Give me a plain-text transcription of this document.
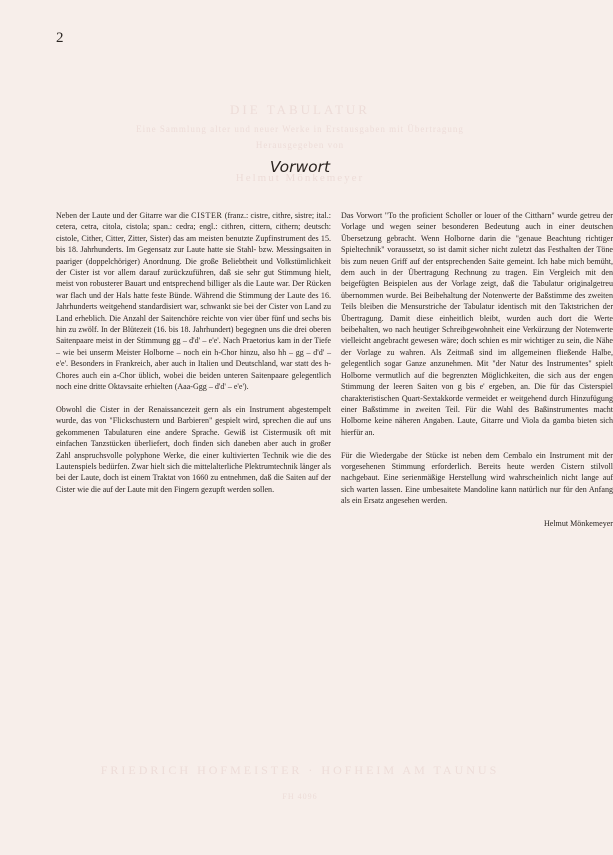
2
DIE TABULATUR
Eine Sammlung alter und neuer Werke in Erstausgaben mit Übertragung
Herausgegeben von
Helmut Mönkemeyer
FRIEDRICH HOFMEISTER · HOFHEIM AM TAUNUS
FH 4096
Vorwort

Neben der Laute und der Gitarre war die CISTER (franz.: cistre, cithre, sistre; ital.: cetera, cetra, citola, cistola; span.: cedra; engl.: cithren, cittern, cithern; deutsch: cistole, Cither, Citter, Zitter, Sister) das am meisten benutzte Zupfinstrument des 15. bis 18. Jahrhunderts. Im Gegensatz zur Laute hatte sie Stahl- bzw. Messingsaiten in paariger (doppelchöriger) Anordnung. Die große Beliebtheit und Volkstümlichkeit der Cister ist vor allem darauf zurückzuführen, daß sie sehr gut Stimmung hielt, meist von robusterer Bauart und entsprechend billiger als die Laute war. Der Rücken war flach und der Hals hatte feste Bünde. Während die Stimmung der Laute des 16. Jahrhunderts weitgehend standardisiert war, schwankt sie bei der Cister von Land zu Land erheblich. Die Anzahl der Saitenchöre reichte von vier über fünf und sechs bis hin zu zwölf. In der Blütezeit (16. bis 18. Jahrhundert) begegnen uns die drei oberen Saitenpaare meist in der Stimmung gg – d'd' – e'e'. Nach Praetorius kam in der Tiefe – wie bei unserm Meister Holborne – noch ein h-Chor hinzu, also hh – gg – d'd' – e'e'. Besonders in Frankreich, aber auch in Italien und Deutschland, war statt des h-Chores auch ein a-Chor üblich, wobei die beiden unteren Saitenpaare gelegentlich noch eine dritte Oktavsaite erhielten (Aaa-Ggg – d'd' – e'e').

Obwohl die Cister in der Renaissancezeit gern als ein Instrument abgestempelt wurde, das von "Flickschustern und Barbieren" gespielt wird, sprechen die auf uns gekommenen Tabulaturen eine andere Sprache. Gewiß ist Cistermusik oft mit einfachen Tanzstücken überliefert, doch finden sich daneben aber auch in großer Zahl anspruchsvolle polyphone Werke, die einer kultivierten Technik wie die des Lautenspiels bedürfen. Zwar hielt sich die mittelalterliche Plektrumtechnik länger als bei der Laute, doch ist einem Traktat von 1660 zu entnehmen, daß die Saiten auf der Cister wie die auf der Laute mit den Fingern gezupft werden sollen.

Das Vorwort "To the proficient Scholler or louer of the Cittharn" wurde getreu der Vorlage und wegen seiner besonderen Bedeutung auch in einer deutschen Übersetzung gebracht. Wenn Holborne darin die "genaue Beachtung richtiger Spieltechnik" voraussetzt, so ist damit sicher nicht zuletzt das Festhalten der Töne bis zum neuen Griff auf der entsprechenden Saite gemeint. Ich habe mich bemüht, dem auch in der Übertragung Rechnung zu tragen. Ein Vergleich mit den beigefügten Beispielen aus der Vorlage zeigt, daß die Tabulatur originalgetreu übernommen wurde. Bei Beibehaltung der Notenwerte der Baßstimme des zweiten Teils bleiben die Mensurstriche der Tabulatur identisch mit den Taktstrichen der Übertragung. Damit diese einheitlich bleibt, wurden auch dort die Werte beibehalten, wo nach heutiger Schreibgewohnheit eine Verkürzung der Notenwerte vielleicht angebracht gewesen wäre; doch schien es mir wichtiger zu sein, die Nähe der Vorlage zu wahren. Als Zeitmaß sind im allgemeinen fließende Halbe, gelegentlich sogar Ganze anzunehmen. Mit "der Natur des Instrumentes" spielt Holborne vermutlich auf die begrenzten Möglichkeiten, die sich aus der engen Stimmung der leeren Saiten von g bis e' ergeben, an. Die für das Cisterspiel charakteristischen Quart-Sextakkorde vermeidet er weitgehend durch Hinzufügung einer Baßstimme in zweiten Teil. Für die Wahl des Baßinstrumentes macht Holborne keine näheren Angaben. Laute, Gitarre und Viola da gamba bieten sich hierfür an.

Für die Wiedergabe der Stücke ist neben dem Cembalo ein Instrument mit der vorgesehenen Stimmung erforderlich. Bereits heute werden Cistern stilvoll nachgebaut. Eine serienmäßige Herstellung wird wahrscheinlich nicht lange auf sich warten lassen. Eine umbesaitete Mandoline kann natürlich nur für den Anfang als ein Ersatz angesehen werden.

Helmut Mönkemeyer
